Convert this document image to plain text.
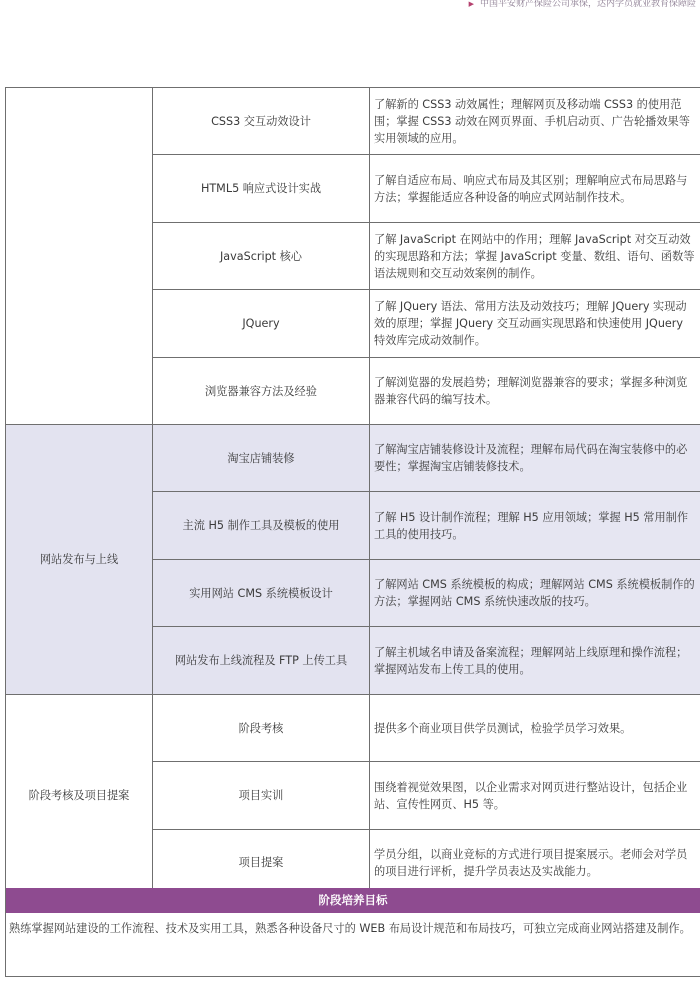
▶ 中国平安财产保险公司承保，达内学员就业教育保障险
	CSS3 交互动效设计	了解新的 CSS3 动效属性；理解网页及移动端 CSS3 的使用范围；掌握 CSS3 动效在网页界面、手机启动页、广告轮播效果等实用领域的应用。
	HTML5 响应式设计实战	了解自适应布局、响应式布局及其区别；理解响应式布局思路与方法；掌握能适应各种设备的响应式网站制作技术。
	JavaScript 核心	了解 JavaScript 在网站中的作用；理解 JavaScript 对交互动效的实现思路和方法；掌握 JavaScript 变量、数组、语句、函数等语法规则和交互动效案例的制作。
	JQuery	了解 JQuery 语法、常用方法及动效技巧；理解 JQuery 实现动效的原理；掌握 JQuery 交互动画实现思路和快速使用 JQuery 特效库完成动效制作。
	浏览器兼容方法及经验	了解浏览器的发展趋势；理解浏览器兼容的要求；掌握多种浏览器兼容代码的编写技术。
网站发布与上线	淘宝店铺装修	了解淘宝店铺装修设计及流程；理解布局代码在淘宝装修中的必要性；掌握淘宝店铺装修技术。
	主流 H5 制作工具及模板的使用	了解 H5 设计制作流程；理解 H5 应用领域；掌握 H5 常用制作工具的使用技巧。
	实用网站 CMS 系统模板设计	了解网站 CMS 系统模板的构成；理解网站 CMS 系统模板制作的方法；掌握网站 CMS 系统快速改版的技巧。
	网站发布上线流程及 FTP 上传工具	了解主机域名申请及备案流程；理解网站上线原理和操作流程；掌握网站发布上传工具的使用。
阶段考核及项目提案	阶段考核	提供多个商业项目供学员测试，检验学员学习效果。
	项目实训	围绕着视觉效果图，以企业需求对网页进行整站设计，包括企业站、宣传性网页、H5 等。
	项目提案	学员分组，以商业竞标的方式进行项目提案展示。老师会对学员的项目进行评析，提升学员表达及实战能力。
阶段培养目标
熟练掌握网站建设的工作流程、技术及实用工具，熟悉各种设备尺寸的 WEB 布局设计规范和布局技巧，可独立完成商业网站搭建及制作。
